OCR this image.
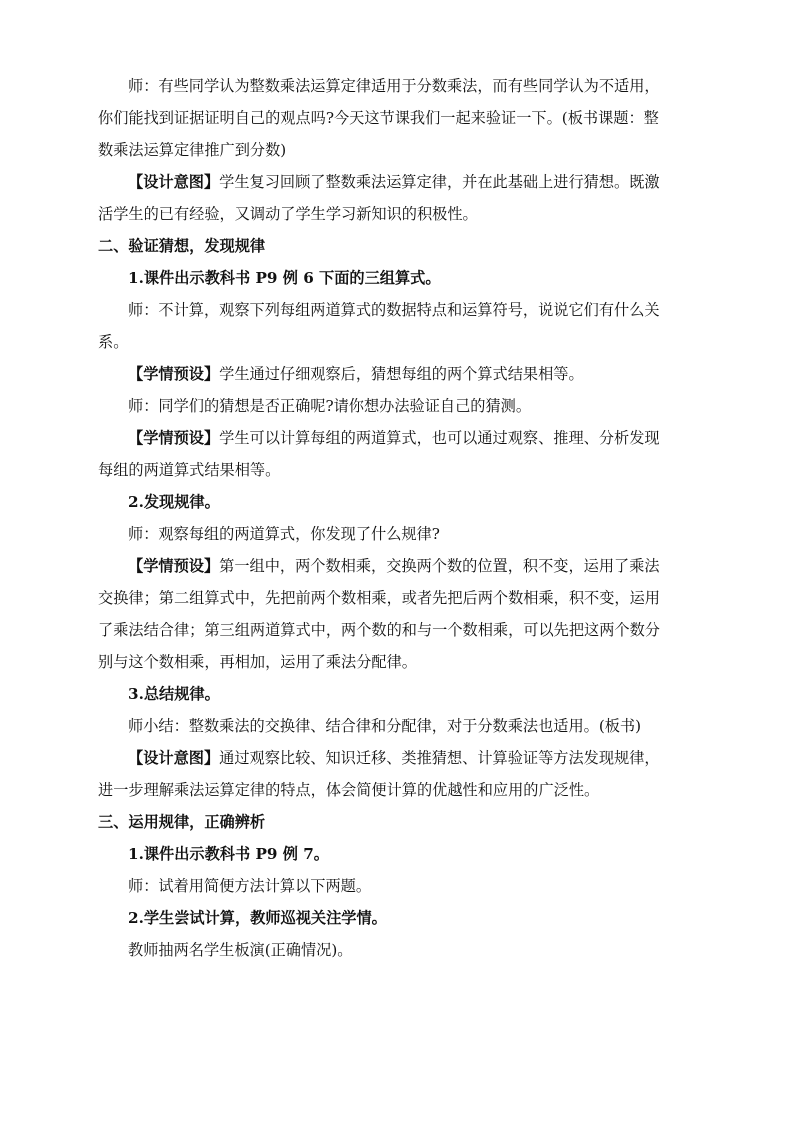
师：有些同学认为整数乘法运算定律适用于分数乘法，而有些同学认为不适用，
你们能找到证据证明自己的观点吗?今天这节课我们一起来验证一下。(板书课题：整
数乘法运算定律推广到分数)
【设计意图】学生复习回顾了整数乘法运算定律，并在此基础上进行猜想。既激
活学生的已有经验，又调动了学生学习新知识的积极性。
二、验证猜想，发现规律
1.课件出示教科书 P9 例 6 下面的三组算式。
师：不计算，观察下列每组两道算式的数据特点和运算符号，说说它们有什么关
系。
【学情预设】学生通过仔细观察后，猜想每组的两个算式结果相等。
师：同学们的猜想是否正确呢?请你想办法验证自己的猜测。
【学情预设】学生可以计算每组的两道算式，也可以通过观察、推理、分析发现
每组的两道算式结果相等。
2.发现规律。
师：观察每组的两道算式，你发现了什么规律?
【学情预设】第一组中，两个数相乘，交换两个数的位置，积不变，运用了乘法
交换律；第二组算式中，先把前两个数相乘，或者先把后两个数相乘，积不变，运用
了乘法结合律；第三组两道算式中，两个数的和与一个数相乘，可以先把这两个数分
别与这个数相乘，再相加，运用了乘法分配律。
3.总结规律。
师小结：整数乘法的交换律、结合律和分配律，对于分数乘法也适用。(板书)
【设计意图】通过观察比较、知识迁移、类推猜想、计算验证等方法发现规律，
进一步理解乘法运算定律的特点，体会简便计算的优越性和应用的广泛性。
三、运用规律，正确辨析
1.课件出示教科书 P9 例 7。
师：试着用简便方法计算以下两题。
2.学生尝试计算，教师巡视关注学情。
教师抽两名学生板演(正确情况)。
